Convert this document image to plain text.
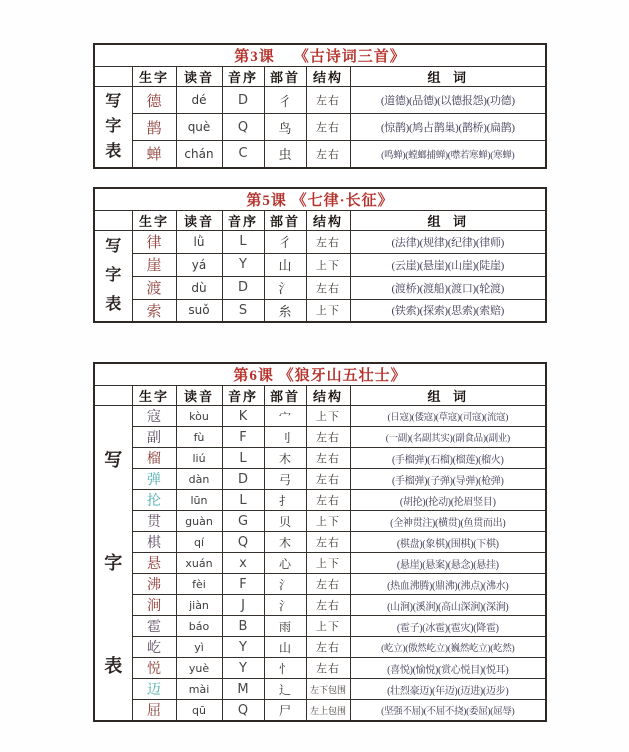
第3课    《古诗词三首》						
	生字	读音	音序	部首	结构	组  词

写
字
表	德	dé	D	彳	左右	(道德)(品德)(以德报怨)(功德)
	鹊	què	Q	鸟	左右	(惊鹊)(鸠占鹊巢)(鹊桥)(扁鹊)
	蝉	chán	C	虫	左右	(鸣蝉)(螳螂捕蝉)(噤若寒蝉)(寒蝉)
第5课 《七律·长征》						
	生字	读音	音序	部首	结构	组  词

写
字
表	律	lǜ	L	彳	左右	(法律)(规律)(纪律)(律师)
	崖	yá	Y	山	上下	(云崖)(悬崖)(山崖)(陡崖)
	渡	dù	D	氵	左右	(渡桥)(渡船)(渡口)(轮渡)
	索	suǒ	S	糸	上下	(铁索)(探索)(思索)(索赔)
第6课 《狼牙山五壮士》						
	生字	读音	音序	部首	结构	组  词

写
字
表	寇	kòu	K	宀	上下	(日寇)(倭寇)(草寇)(司寇)(流寇)
	副	fù	F	刂	左右	(一副)(名副其实)(副食品)(副业)
	榴	liú	L	木	左右	(手榴弹)(石榴)(榴莲)(榴火)
	弹	dàn	D	弓	左右	(手榴弹)(子弹)(导弹)(枪弹)
	抡	lūn	L	扌	左右	(胡抡)(抡动)(抡眉竖目)
	贯	guàn	G	贝	上下	(全神贯注)(横贯)(鱼贯而出)
	棋	qí	Q	木	左右	(棋盘)(象棋)(围棋)(下棋)
	悬	xuán	x	心	上下	(悬崖)(悬案)(悬念)(悬挂)
	沸	fèi	F	氵	左右	(热血沸腾)(鼎沸)(沸点)(沸水)
	涧	jiàn	J	氵	左右	(山涧)(溪涧)(高山深涧)(深涧)
	雹	báo	B	雨	上下	(雹子)(冰雹)(雹灾)(降雹)
	屹	yì	Y	山	左右	(屹立)(傲然屹立)(巍然屹立)(屹然)
	悦	yuè	Y	忄	左右	(喜悦)(愉悦)(赏心悦目)(悦耳)
	迈	mài	M	辶	左下包围	(壮烈豪迈)(年迈)(迈进)(迈步)
	屈	qū	Q	尸	左上包围	(坚强不屈)(不屈不挠)(委屈)(屈辱)
